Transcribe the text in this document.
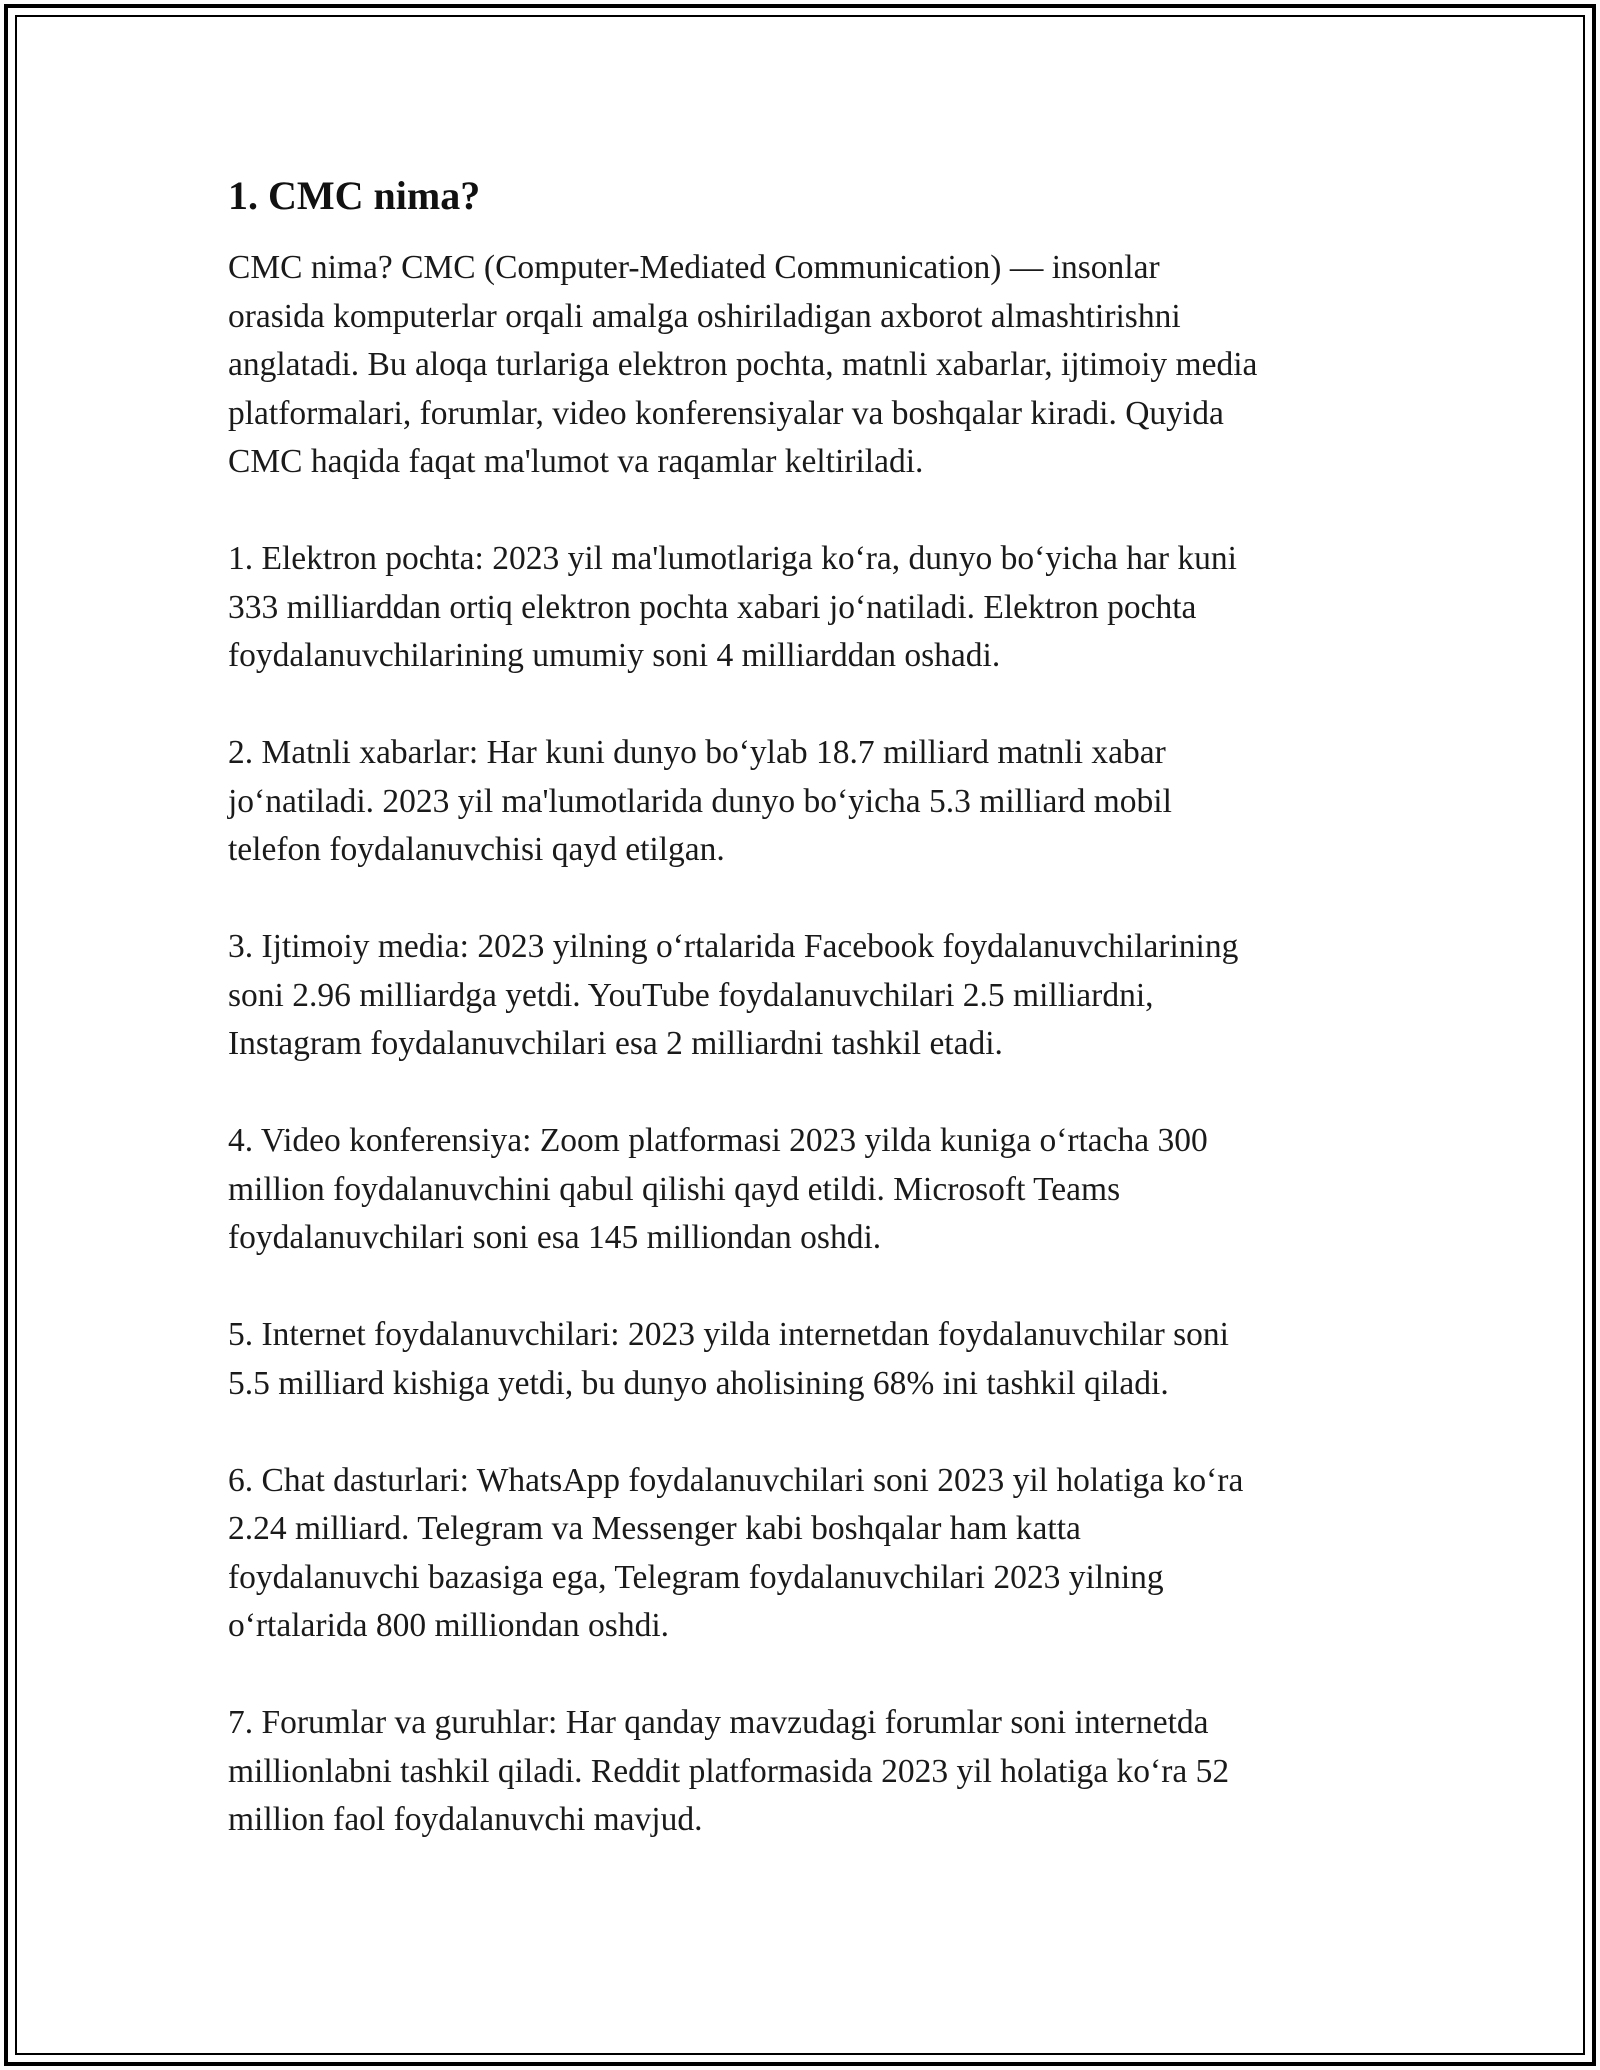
1. CMC nima?

CMC nima? CMC (Computer-Mediated Communication) — insonlar
orasida komputerlar orqali amalga oshiriladigan axborot almashtirishni
anglatadi. Bu aloqa turlariga elektron pochta, matnli xabarlar, ijtimoiy media
platformalari, forumlar, video konferensiyalar va boshqalar kiradi. Quyida
CMC haqida faqat ma'lumot va raqamlar keltiriladi.

1. Elektron pochta: 2023 yil ma'lumotlariga koʻra, dunyo boʻyicha har kuni
333 milliarddan ortiq elektron pochta xabari joʻnatiladi. Elektron pochta
foydalanuvchilarining umumiy soni 4 milliarddan oshadi.

2. Matnli xabarlar: Har kuni dunyo boʻylab 18.7 milliard matnli xabar
joʻnatiladi. 2023 yil ma'lumotlarida dunyo boʻyicha 5.3 milliard mobil
telefon foydalanuvchisi qayd etilgan.

3. Ijtimoiy media: 2023 yilning oʻrtalarida Facebook foydalanuvchilarining
soni 2.96 milliardga yetdi. YouTube foydalanuvchilari 2.5 milliardni,
Instagram foydalanuvchilari esa 2 milliardni tashkil etadi.

4. Video konferensiya: Zoom platformasi 2023 yilda kuniga oʻrtacha 300
million foydalanuvchini qabul qilishi qayd etildi. Microsoft Teams
foydalanuvchilari soni esa 145 milliondan oshdi.

5. Internet foydalanuvchilari: 2023 yilda internetdan foydalanuvchilar soni
5.5 milliard kishiga yetdi, bu dunyo aholisining 68% ini tashkil qiladi.

6. Chat dasturlari: WhatsApp foydalanuvchilari soni 2023 yil holatiga koʻra
2.24 milliard. Telegram va Messenger kabi boshqalar ham katta
foydalanuvchi bazasiga ega, Telegram foydalanuvchilari 2023 yilning
oʻrtalarida 800 milliondan oshdi.

7. Forumlar va guruhlar: Har qanday mavzudagi forumlar soni internetda
millionlabni tashkil qiladi. Reddit platformasida 2023 yil holatiga koʻra 52
million faol foydalanuvchi mavjud.
